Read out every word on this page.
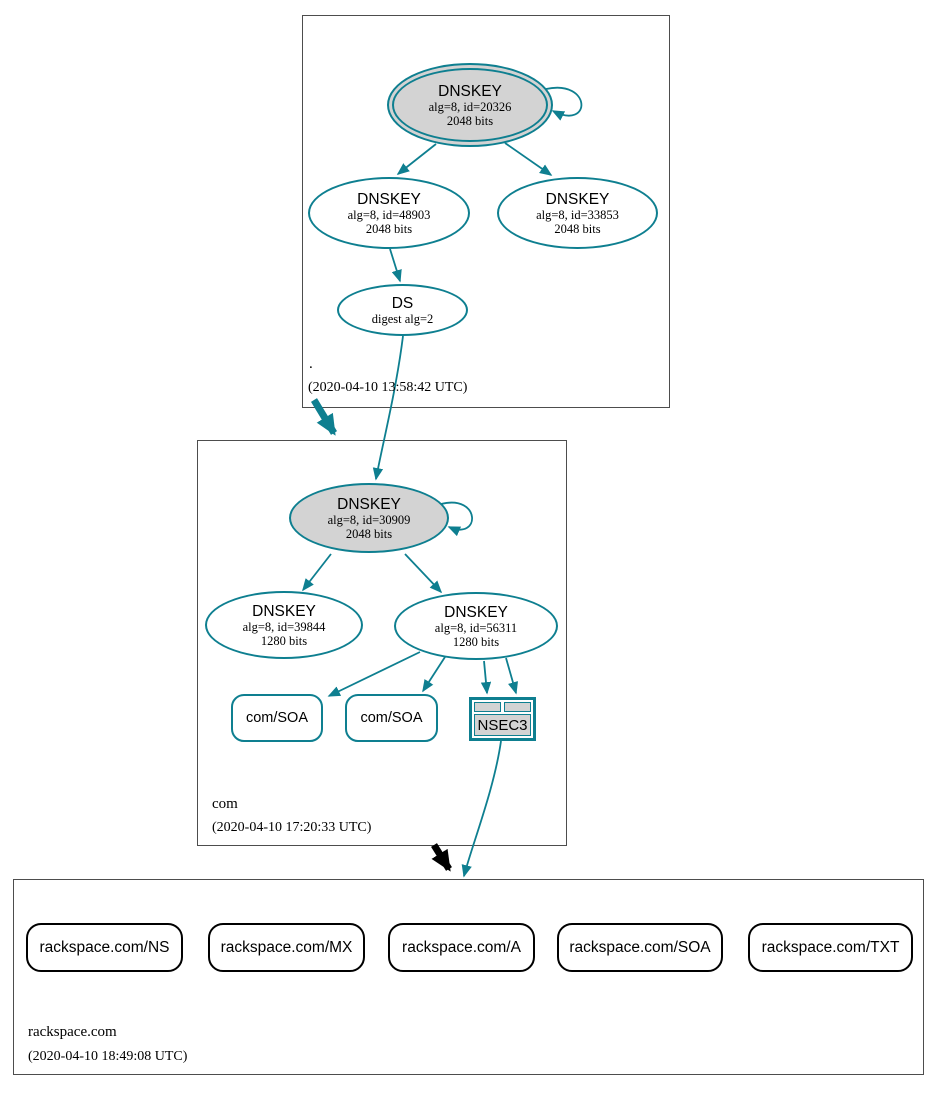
.
(2020-04-10 13:58:42 UTC)
com
(2020-04-10 17:20:33 UTC)
rackspace.com
(2020-04-10 18:49:08 UTC)
DNSKEY
alg=8, id=20326
2048 bits
DNSKEY
alg=8, id=48903
2048 bits
DNSKEY
alg=8, id=33853
2048 bits
DS
digest alg=2
DNSKEY
alg=8, id=30909
2048 bits
DNSKEY
alg=8, id=39844
1280 bits
DNSKEY
alg=8, id=56311
1280 bits
com/SOA	com/SOA	NSEC3
rackspace.com/NS	rackspace.com/MX	rackspace.com/A	rackspace.com/SOA	rackspace.com/TXT
